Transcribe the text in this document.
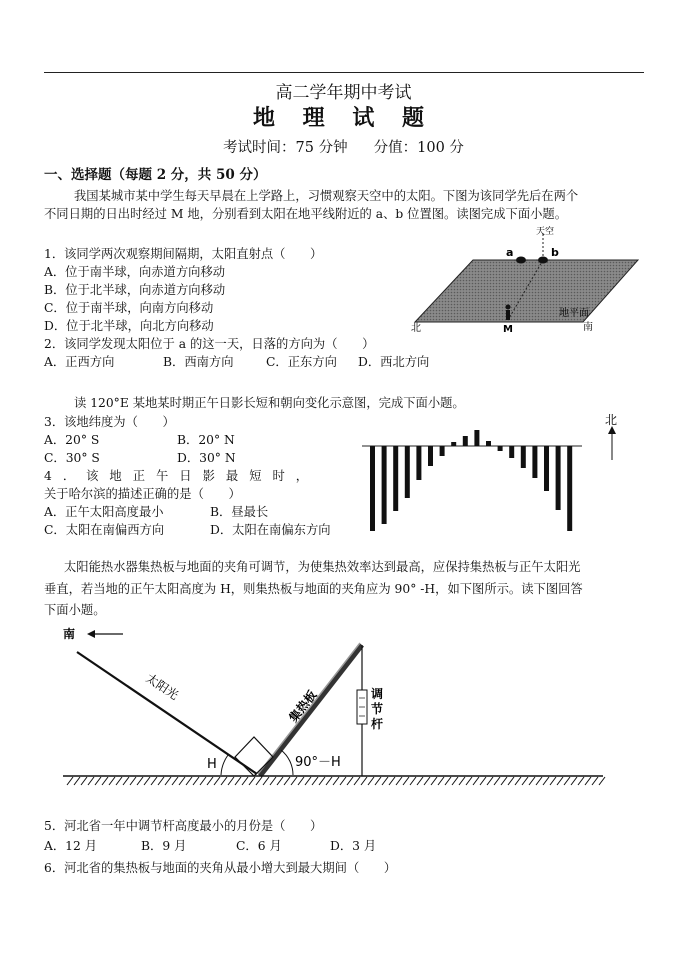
高二学年期中考试
地 理 试 题
考试时间：75 分钟 分值：100 分
一、选择题（每题 2 分，共 50 分）
我国某城市某中学生每天早晨在上学路上，习惯观察天空中的太阳。下图为该同学先后在两个
不同日期的日出时经过 M 地，分别看到太阳在地平线附近的 a、b 位置图。读图完成下面小题。
天空
a	b
地平面
北	南
M
1．该同学两次观察期间隔期，太阳直射点（　　）
A．位于南半球，向赤道方向移动
B．位于北半球，向赤道方向移动
C．位于南半球，向南方向移动
D．位于北半球，向北方向移动
2．该同学发现太阳位于 a 的这一天，日落的方向为（　　）
A．正西方向	B．西南方向	C．正东方向 D．西北方向
读 120°E 某地某时期正午日影长短和朝向变化示意图，完成下面小题。
北
3．该地纬度为（　　）
A．20° S	B．20° N
C．30° S	D．30° N
4．该地正午日影最短时，
关于哈尔滨的描述正确的是（　　）
A．正午太阳高度最小	B．昼最长
C．太阳在南偏西方向	D．太阳在南偏东方向
太阳能热水器集热板与地面的夹角可调节，为使集热效率达到最高，应保持集热板与正午太阳光
垂直，若当地的正午太阳高度为 H，则集热板与地面的夹角应为 90° -H，如下图所示。读下图回答
下面小题。
南
太阳光
集热板	调节杆
H	90°－H
5．河北省一年中调节杆高度最小的月份是（　　）
A．12 月	B．9 月	C．6 月	D．3 月
6．河北省的集热板与地面的夹角从最小增大到最大期间（　　）
